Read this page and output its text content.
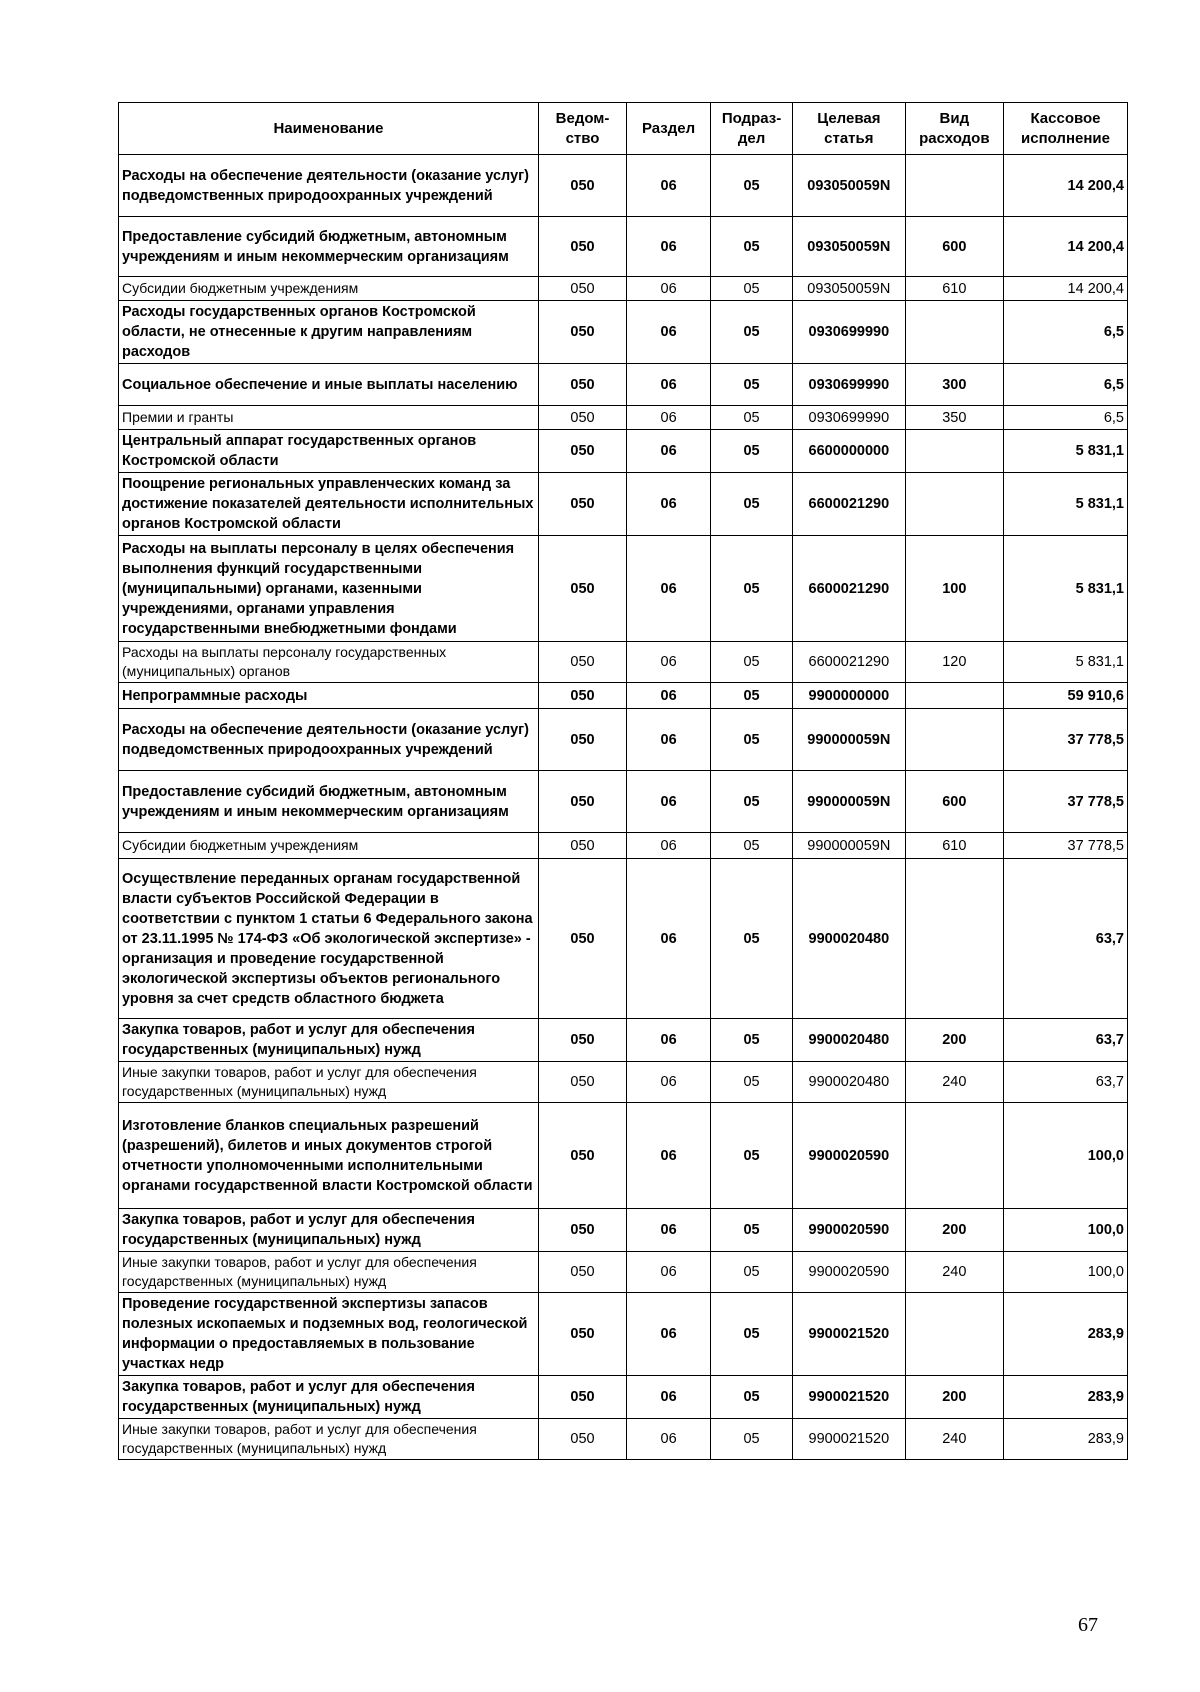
Наименование	Ведом-ство	Раздел	Подраз-дел	Целевая статья	Вид расходов	Кассовое исполнение
Расходы на обеспечение деятельности (оказание услуг) подведомственных природоохранных учреждений	050	06	05	093050059N		14 200,4
Предоставление субсидий бюджетным, автономным учреждениям и иным некоммерческим организациям	050	06	05	093050059N	600	14 200,4
Субсидии бюджетным учреждениям	050	06	05	093050059N	610	14 200,4
Расходы государственных органов Костромской области, не отнесенные к другим направлениям расходов	050	06	05	0930699990		6,5
Социальное обеспечение и иные выплаты населению	050	06	05	0930699990	300	6,5
Премии и гранты	050	06	05	0930699990	350	6,5
Центральный аппарат государственных органов Костромской области	050	06	05	6600000000		5 831,1
Поощрение региональных управленческих команд за достижение показателей деятельности исполнительных органов Костромской области	050	06	05	6600021290		5 831,1
Расходы на выплаты персоналу в целях обеспечения выполнения функций государственными (муниципальными) органами, казенными учреждениями, органами управления государственными внебюджетными фондами	050	06	05	6600021290	100	5 831,1
Расходы на выплаты персоналу государственных (муниципальных) органов	050	06	05	6600021290	120	5 831,1
Непрограммные расходы	050	06	05	9900000000		59 910,6
Расходы на обеспечение деятельности (оказание услуг) подведомственных природоохранных учреждений	050	06	05	990000059N		37 778,5
Предоставление субсидий бюджетным, автономным учреждениям и иным некоммерческим организациям	050	06	05	990000059N	600	37 778,5
Субсидии бюджетным учреждениям	050	06	05	990000059N	610	37 778,5
Осуществление переданных органам государственной власти субъектов Российской Федерации в соответствии с пунктом 1 статьи 6 Федерального закона от 23.11.1995 № 174-ФЗ «Об экологической экспертизе» - организация и проведение государственной экологической экспертизы объектов регионального уровня за счет средств областного бюджета	050	06	05	9900020480		63,7
Закупка товаров, работ и услуг для обеспечения государственных (муниципальных) нужд	050	06	05	9900020480	200	63,7
Иные закупки товаров, работ и услуг для обеспечения государственных (муниципальных) нужд	050	06	05	9900020480	240	63,7
Изготовление бланков специальных разрешений (разрешений), билетов и иных документов строгой отчетности уполномоченными исполнительными органами государственной власти Костромской области	050	06	05	9900020590		100,0
Закупка товаров, работ и услуг для обеспечения государственных (муниципальных) нужд	050	06	05	9900020590	200	100,0
Иные закупки товаров, работ и услуг для обеспечения государственных (муниципальных) нужд	050	06	05	9900020590	240	100,0
Проведение государственной экспертизы запасов полезных ископаемых и подземных вод, геологической информации о предоставляемых в пользование участках недр	050	06	05	9900021520		283,9
Закупка товаров, работ и услуг для обеспечения государственных (муниципальных) нужд	050	06	05	9900021520	200	283,9
Иные закупки товаров, работ и услуг для обеспечения государственных (муниципальных) нужд	050	06	05	9900021520	240	283,9
67
